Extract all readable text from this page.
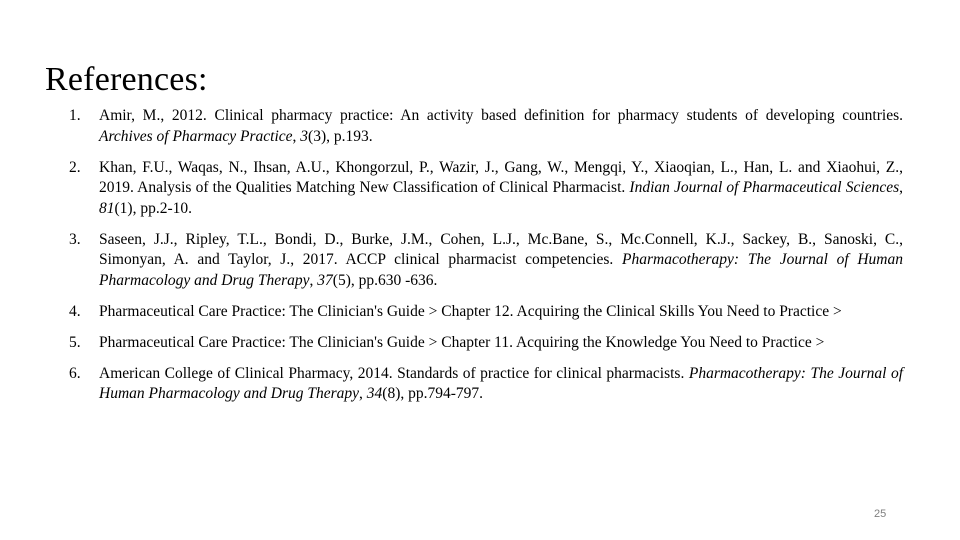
References:
1.	Amir, M., 2012. Clinical pharmacy practice: An activity based definition for pharmacy students of developing countries. Archives of Pharmacy Practice, 3(3), p.193.
2.	Khan, F.U., Waqas, N., Ihsan, A.U., Khongorzul, P., Wazir, J., Gang, W., Mengqi, Y., Xiaoqian, L., Han, L. and Xiaohui, Z., 2019. Analysis of the Qualities Matching New Classification of Clinical Pharmacist. Indian Journal of Pharmaceutical Sciences, 81(1), pp.2-10.
3.	Saseen, J.J., Ripley, T.L., Bondi, D., Burke, J.M., Cohen, L.J., Mc.Bane, S., Mc.Connell, K.J., Sackey, B., Sanoski, C., Simonyan, A. and Taylor, J., 2017. ACCP clinical pharmacist competencies. Pharmacotherapy: The Journal of Human Pharmacology and Drug Therapy, 37(5), pp.630 -636.
4.	Pharmaceutical Care Practice: The Clinician's Guide > Chapter 12. Acquiring the Clinical Skills You Need to Practice >
5.	Pharmaceutical Care Practice: The Clinician's Guide > Chapter 11. Acquiring the Knowledge You Need to Practice >
6.	American College of Clinical Pharmacy, 2014. Standards of practice for clinical pharmacists. Pharmacotherapy: The Journal of Human Pharmacology and Drug Therapy, 34(8), pp.794-797.
25
